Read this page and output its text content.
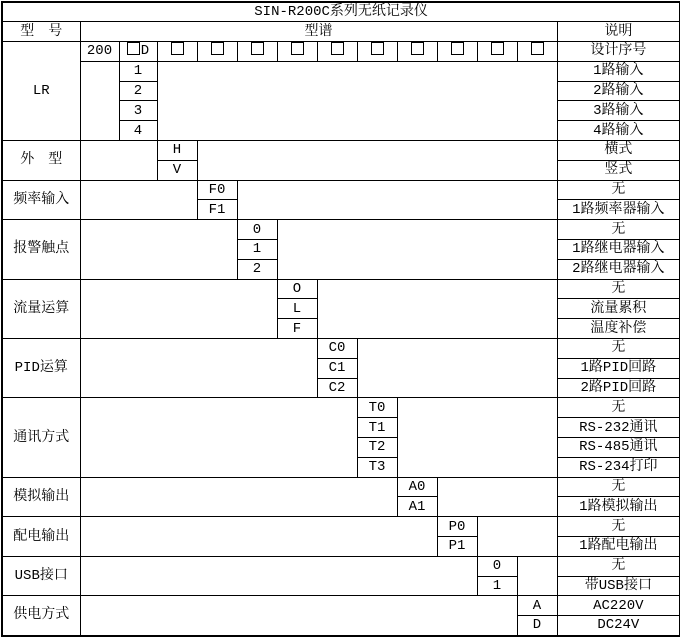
SIN-R200C系列无纸记录仪													
型　号	型谱												说明
LR	200	D											设计序号
		1											1路输入
		2											2路输入
		3											3路输入
		4											4路输入
外　型			H										横式
			V										竖式
频率输入				F0									无
				F1									1路频率器输入
报警触点					0								无
					1								1路继电器输入
					2								2路继电器输入
流量运算						O							无
						L							流量累积
						F							温度补偿
PID运算							C0						无
							C1						1路PID回路
							C2						2路PID回路
通讯方式								T0					无
								T1					RS-232通讯
								T2					RS-485通讯
								T3					RS-234打印
模拟输出									A0				无
									A1				1路模拟输出
配电输出										P0			无
										P1			1路配电输出
USB接口											0		无
											1		带USB接口
供电方式												A	AC220V
												D	DC24V
